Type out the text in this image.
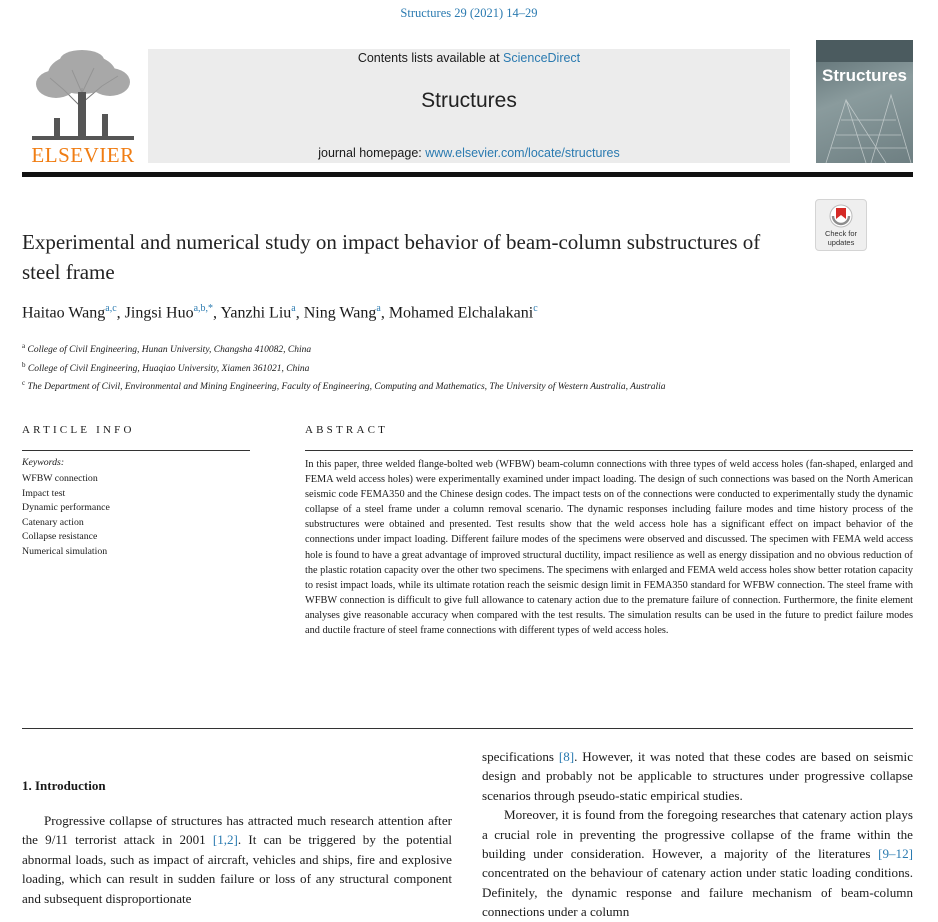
Structures 29 (2021) 14–29
ELSEVIER
Contents lists available at ScienceDirect
Structures
journal homepage: www.elsevier.com/locate/structures
Structures
Check for
updates
Experimental and numerical study on impact behavior of beam-column substructures of steel frame
Haitao Wang$^{a,c}$, Jingsi Huo$^{a,b,*}$, Yanzhi Liu$^a$, Ning Wang$^a$, Mohamed Elchalakani$^c$
$^a$ College of Civil Engineering, Hunan University, Changsha 410082, China
$^b$ College of Civil Engineering, Huaqiao University, Xiamen 361021, China
$^c$ The Department of Civil, Environmental and Mining Engineering, Faculty of Engineering, Computing and Mathematics, The University of Western Australia, Australia
ARTICLE INFO
Keywords:
WFBW connection
Impact test
Dynamic performance
Catenary action
Collapse resistance
Numerical simulation
ABSTRACT
In this paper, three welded flange-bolted web (WFBW) beam-column connections with three types of weld access holes (fan-shaped, enlarged and FEMA weld access holes) were experimentally examined under impact loading. The design of such connections was based on the North American seismic code FEMA350 and the Chinese design codes. The impact tests on of the connections were conducted to experimentally study the dynamic collapse of a steel frame under a column removal scenario. The dynamic responses including failure modes and time history process of the substructures were obtained and presented. Test results show that the weld access hole has a significant effect on impact behavior of the connections under impact loading. Different failure modes of the specimens were observed and discussed. The specimen with FEMA weld access hole is found to have a great advantage of improved structural ductility, impact resilience as well as energy dissipation and no obvious reduction of the plastic rotation capacity over the other two specimens. The specimens with enlarged and FEMA weld access holes show better rotation capacity to resist impact loads, while its ultimate rotation reach the seismic design limit in FEMA350 standard for WFBW connection. The steel frame with WFBW connection is difficult to give full allowance to catenary action due to the premature failure of connection. Furthermore, the finite element analyses give reasonable accuracy when compared with the test results. The simulation results can be used in the future to predict failure modes and ductile fracture of steel frame connections with different types of weld access holes.
1. Introduction
Progressive collapse of structures has attracted much research attention after the 9/11 terrorist attack in 2001 [1,2]. It can be triggered by the potential abnormal loads, such as impact of aircraft, vehicles and ships, fire and explosive loading, which can result in sudden failure or loss of any structural component and subsequent disproportionate

specifications [8]. However, it was noted that these codes are based on seismic design and probably not be applicable to structures under progressive collapse scenarios through pseudo-static empirical studies.

Moreover, it is found from the foregoing researches that catenary action plays a crucial role in preventing the progressive collapse of the frame within the building under consideration. However, a majority of the literatures [9–12] concentrated on the behaviour of catenary action under static loading conditions. Definitely, the dynamic response and failure mechanism of beam-column connections under a column
